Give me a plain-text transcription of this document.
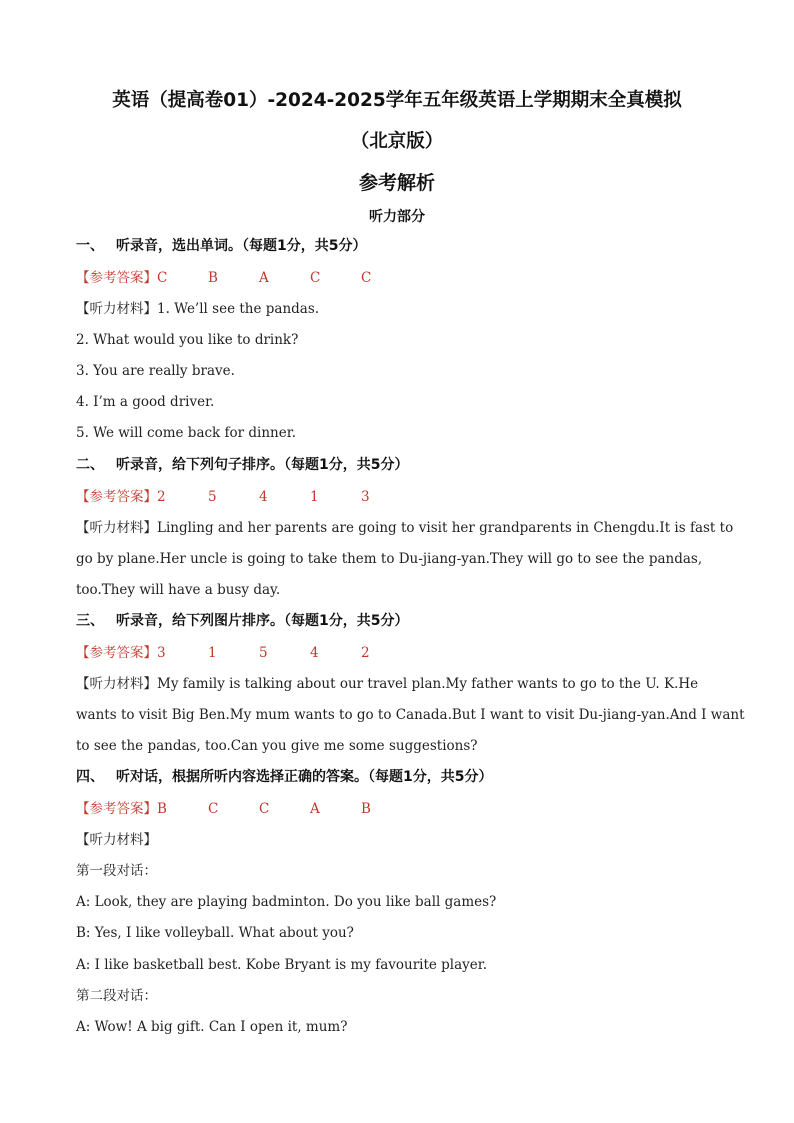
英语（提高卷01）-2024-2025学年五年级英语上学期期末全真模拟
（北京版）
参考解析
听力部分
一、 听录音，选出单词。（每题1分，共5分）
【参考答案】C	B	A	C	C
【听力材料】1. We’ll see the pandas.
2. What would you like to drink?
3. You are really brave.
4. I’m a good driver.
5. We will come back for dinner.
二、 听录音，给下列句子排序。（每题1分，共5分）
【参考答案】2	5	4	1	3
【听力材料】Lingling and her parents are going to visit her grandparents in Chengdu.It is fast to
go by plane.Her uncle is going to take them to Du-jiang-yan.They will go to see the pandas,
too.They will have a busy day.
三、 听录音，给下列图片排序。（每题1分，共5分）
【参考答案】3	1	5	4	2
【听力材料】My family is talking about our travel plan.My father wants to go to the U. K.He
wants to visit Big Ben.My mum wants to go to Canada.But I want to visit Du-jiang-yan.And I want
to see the pandas, too.Can you give me some suggestions?
四、 听对话，根据所听内容选择正确的答案。（每题1分，共5分）
【参考答案】B	C	C	A	B
【听力材料】
第一段对话：
A: Look, they are playing badminton. Do you like ball games?
B: Yes, I like volleyball. What about you?
A: I like basketball best. Kobe Bryant is my favourite player.
第二段对话：
A: Wow! A big gift. Can I open it, mum?
